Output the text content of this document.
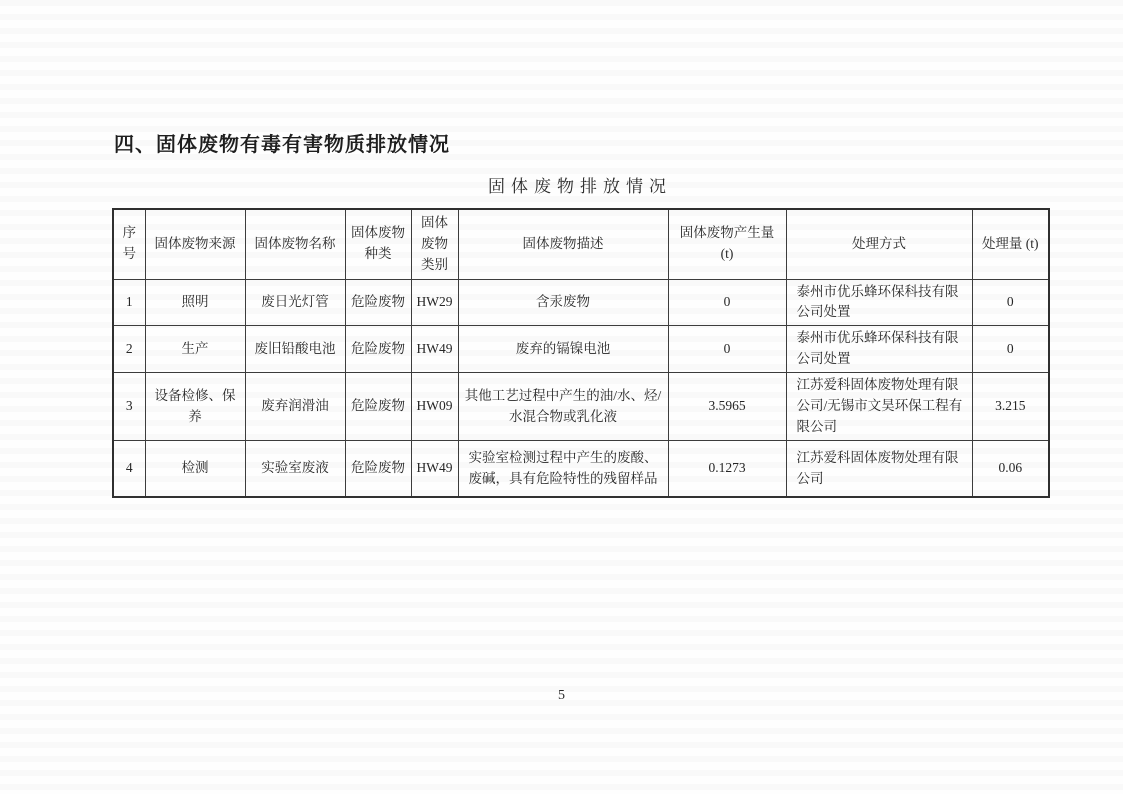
四、固体废物有毒有害物质排放情况
固体废物排放情况
序号	固体废物来源	固体废物名称	固体废物种类	固体废物类别	固体废物描述	固体废物产生量 (t)	处理方式	处理量 (t)
1	照明	废日光灯管	危险废物	HW29	含汞废物	0	泰州市优乐蜂环保科技有限公司处置	0
2	生产	废旧铅酸电池	危险废物	HW49	废弃的镉镍电池	0	泰州市优乐蜂环保科技有限公司处置	0
3	设备检修、保养	废弃润滑油	危险废物	HW09	其他工艺过程中产生的油/水、烃/水混合物或乳化液	3.5965	江苏爱科固体废物处理有限公司/无锡市文昊环保工程有限公司	3.215
4	检测	实验室废液	危险废物	HW49	实验室检测过程中产生的废酸、废碱，具有危险特性的残留样品	0.1273	江苏爱科固体废物处理有限公司	0.06
5
